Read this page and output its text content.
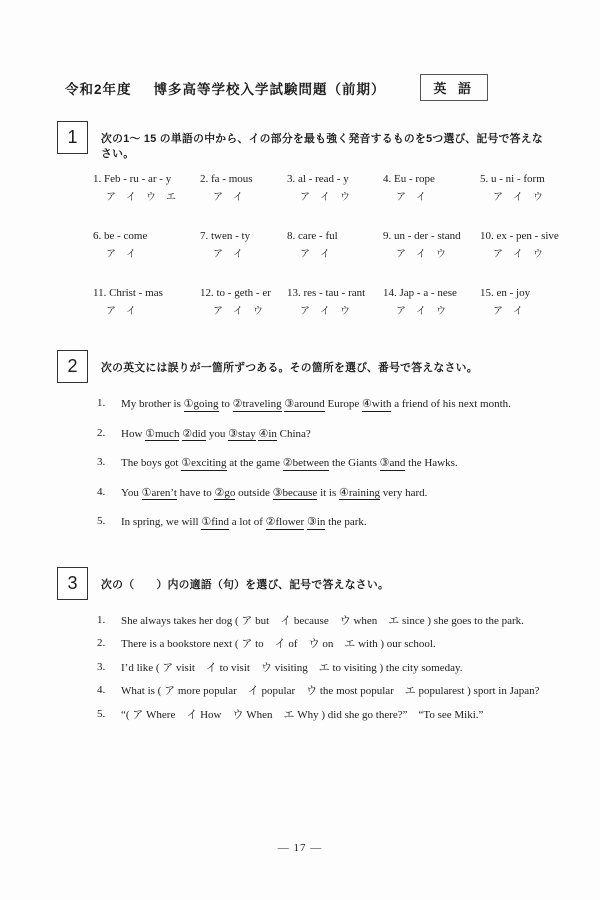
令和2年度 博多高等学校入学試験問題（前期）	英 語
1	次の1～ 15 の単語の中から、イの部分を最も強く発音するものを5つ選び、記号で答えなさい。
1. Feb - ru - ar - y
ア　イ　ウ　エ
2. fa - mous
ア　イ
3. al - read - y
ア　イ　ウ
4. Eu - rope
ア　イ
5. u - ni - form
ア　イ　ウ
6. be - come
ア　イ
7. twen - ty
ア　イ
8. care - ful
ア　イ
9. un - der - stand
ア　イ　ウ
10. ex - pen - sive
ア　イ　ウ
11. Christ - mas
ア　イ
12. to - geth - er
ア　イ　ウ
13. res - tau - rant
ア　イ　ウ
14. Jap - a - nese
ア　イ　ウ
15. en - joy
ア　イ
2	次の英文には誤りが一箇所ずつある。その箇所を選び、番号で答えなさい。
1.	My brother is ①going to ②traveling ③around Europe ④with a friend of his next month.
2.	How ①much ②did you ③stay ④in China?
3.	The boys got ①exciting at the game ②between the Giants ③and the Hawks.
4.	You ①aren’t have to ②go outside ③because it is ④raining very hard.
5.	In spring, we will ①find a lot of ②flower ③in the park.
3	次の（　　）内の適語（句）を選び、記号で答えなさい。
1.	She always takes her dog ( ア but　イ because　ウ when　エ since ) she goes to the park.
2.	There is a bookstore next ( ア to　イ of　ウ on　エ with ) our school.
3.	I’d like ( ア visit　イ to visit　ウ visiting　エ to visiting ) the city someday.
4.	What is ( ア more popular　イ popular　ウ the most popular　エ popularest ) sport in Japan?
5.	“( ア Where　イ How　ウ When　エ Why ) did she go there?”　“To see Miki.”
— 17 —
